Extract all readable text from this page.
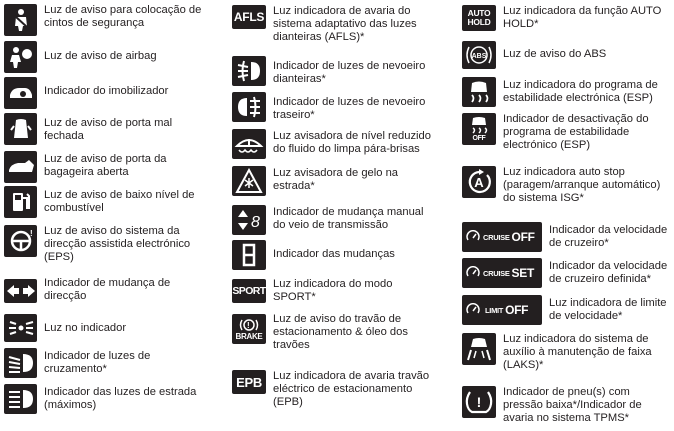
Luz de aviso para colocação de
cintos de segurança
Luz de aviso de airbag
Indicador do imobilizador
Luz de aviso de porta mal
fechada
Luz de aviso de porta da
bagageira aberta
Luz de aviso de baixo nível de
combustível
! Luz de aviso do sistema da
direcção assistida electrónico
(EPS)
Indicador de mudança de
direcção
Luz no indicador
Indicador de luzes de
cruzamento*
Indicador das luzes de estrada
(máximos)
AFLS Luz indicadora de avaria do
sistema adaptativo das luzes
dianteiras (AFLS)*
Indicador de luzes de nevoeiro
dianteiras*
Indicador de luzes de nevoeiro
traseiro*
Luz avisadora de nível reduzido
do fluido do limpa pára-brisas
Luz avisadora de gelo na
estrada*
8
Indicador de mudança manual
do veio de transmissão
Indicador das mudanças
SPORT
Luz indicadora do modo
SPORT*
!
BRAKE
Luz de aviso do travão de
estacionamento & óleo dos
travões
EPB Luz indicadora de avaria travão
eléctrico de estacionamento
(EPB)
AUTO HOLD
Luz indicadora da função AUTO
HOLD*
ABS Luz de aviso do ABS
Luz indicadora do programa de
estabilidade electrónica (ESP)
OFF
Indicador de desactivação do
programa de estabilidade
electrónico (ESP)
A
Luz indicadora auto stop
(paragem/arranque automático)
do sistema ISG*
CRUISE OFF Indicador da velocidade
de cruzeiro*
CRUISE SET Indicador da velocidade
de cruzeiro definida*
LIMIT OFF Luz indicadora de limite
de velocidade*
Luz indicadora do sistema de
auxílio à manutenção de faixa
(LAKS)*
!
Indicador de pneu(s) com
pressão baixa*/Indicador de
avaria no sistema TPMS*
